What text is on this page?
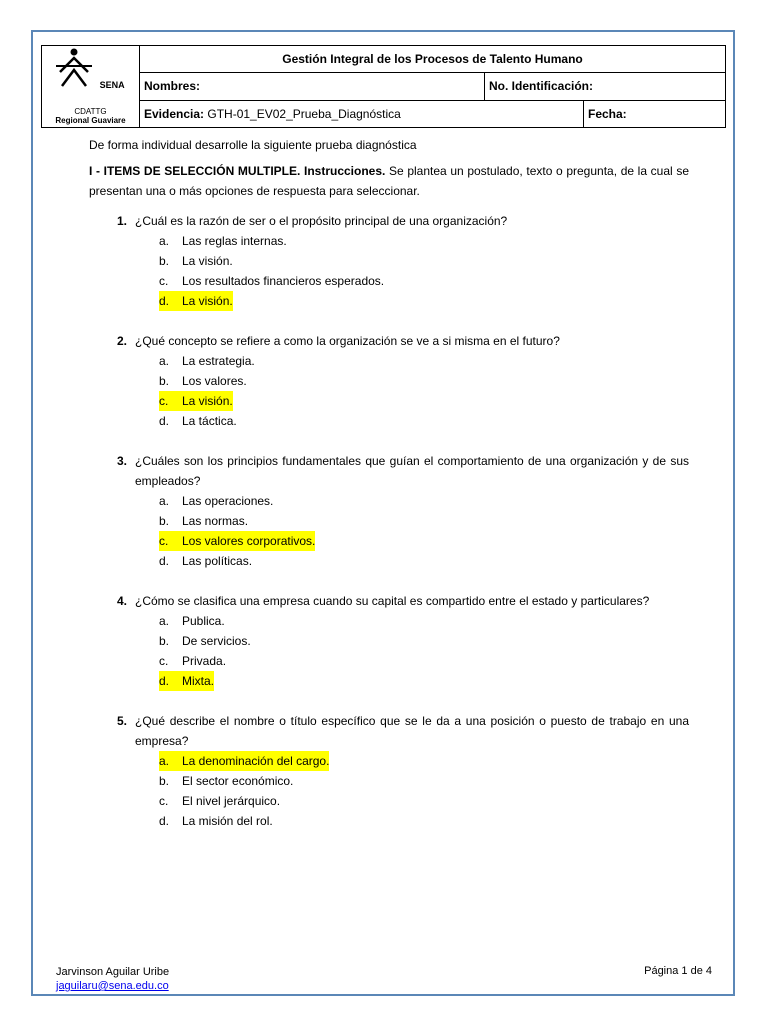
SENA
CDATTG
Regional Guaviare	Gestión Integral de los Procesos de Talento Humano		
	Nombres:	No. Identificación:	
	Evidencia: GTH-01_EV02_Prueba_Diagnóstica		Fecha:

De forma individual desarrolle la siguiente prueba diagnóstica

I - ITEMS DE SELECCIÓN MULTIPLE. Instrucciones. Se plantea un postulado, texto o pregunta, de la cual se presentan una o más opciones de respuesta para seleccionar.

1. ¿Cuál es la razón de ser o el propósito principal de una organización?
a.	Las reglas internas.
b.	La visión.
c.	Los resultados financieros esperados.
d.	La visión.
2. ¿Qué concepto se refiere a como la organización se ve a si misma en el futuro?
a.	La estrategia.
b.	Los valores.
c.	La visión.
d.	La táctica.
3. ¿Cuáles son los principios fundamentales que guían el comportamiento de una organización y de sus empleados?
a.	Las operaciones.
b.	Las normas.
c.	Los valores corporativos.
d.	Las políticas.
4. ¿Cómo se clasifica una empresa cuando su capital es compartido entre el estado y particulares?
a.	Publica.
b.	De servicios.
c.	Privada.
d.	Mixta.
5. ¿Qué describe el nombre o título específico que se le da a una posición o puesto de trabajo en una empresa?
a.	La denominación del cargo.
b.	El sector económico.
c.	El nivel jerárquico.
d.	La misión del rol.
Jarvinson Aguilar Uribe
jaguilaru@sena.edu.co
Página 1 de 4
